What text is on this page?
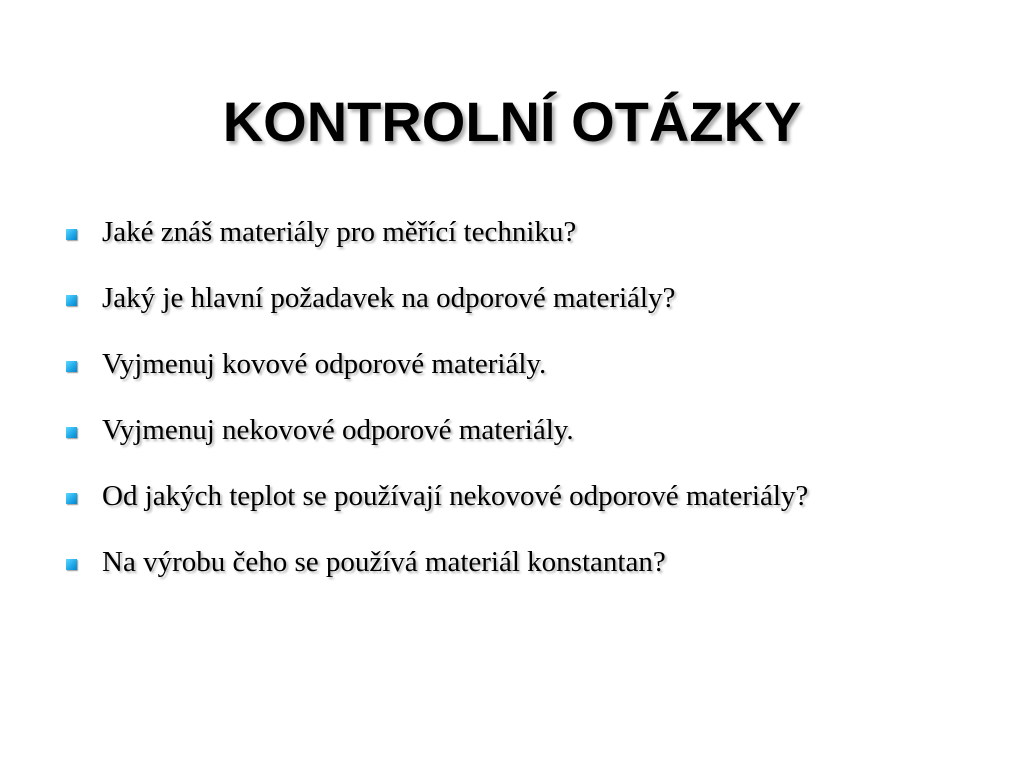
KONTROLNÍ OTÁZKY
Jaké znáš materiály pro měřící techniku?
Jaký je hlavní požadavek na odporové materiály?
Vyjmenuj kovové odporové materiály.
Vyjmenuj nekovové odporové materiály.
Od jakých teplot se používají nekovové odporové materiály?
Na výrobu čeho se používá materiál konstantan?
